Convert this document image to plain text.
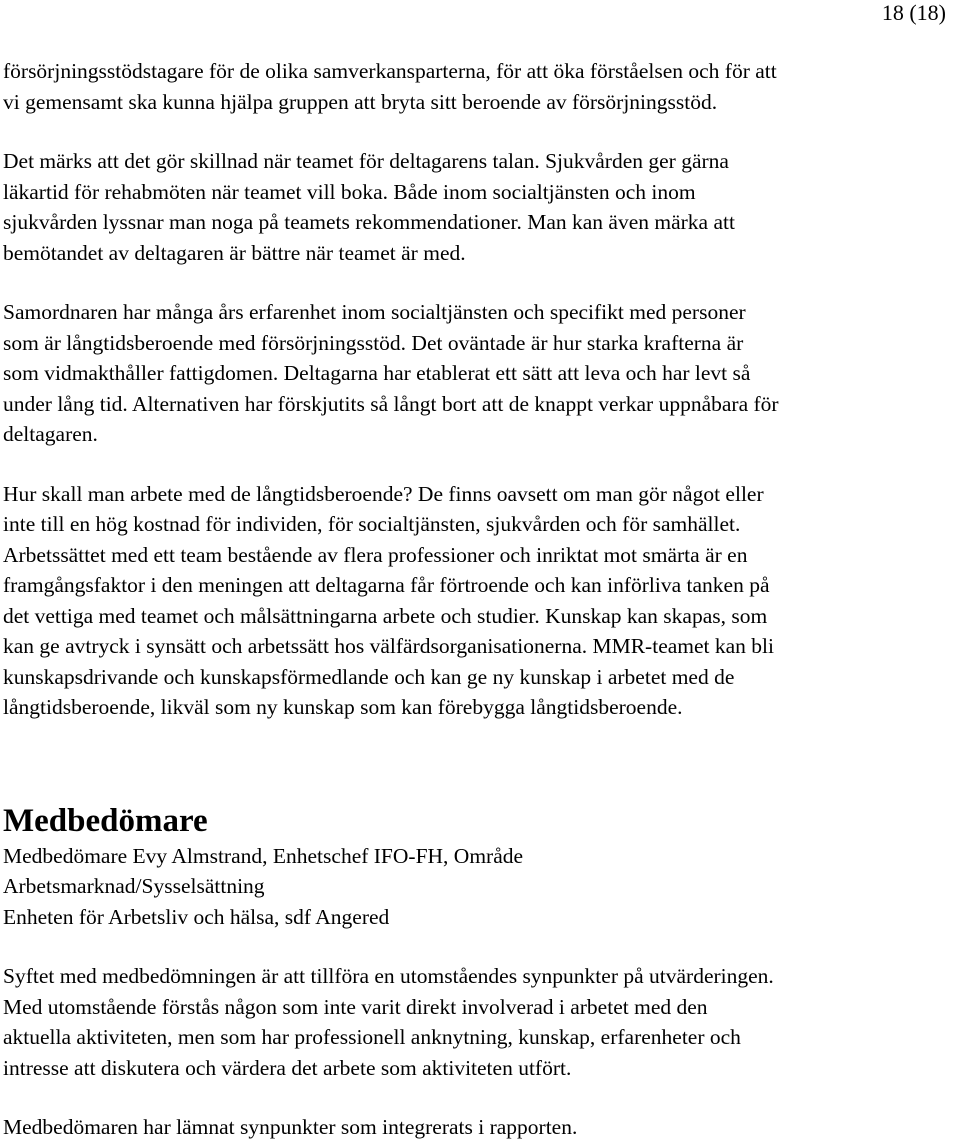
18 (18)

försörjningsstödstagare för de olika samverkansparterna, för att öka förståelsen och för att
vi gemensamt ska kunna hjälpa gruppen att bryta sitt beroende av försörjningsstöd.

Det märks att det gör skillnad när teamet för deltagarens talan. Sjukvården ger gärna
läkartid för rehabmöten när teamet vill boka. Både inom socialtjänsten och inom
sjukvården lyssnar man noga på teamets rekommendationer. Man kan även märka att
bemötandet av deltagaren är bättre när teamet är med.

Samordnaren har många års erfarenhet inom socialtjänsten och specifikt med personer
som är långtidsberoende med försörjningsstöd. Det oväntade är hur starka krafterna är
som vidmakthåller fattigdomen. Deltagarna har etablerat ett sätt att leva och har levt så
under lång tid. Alternativen har förskjutits så långt bort att de knappt verkar uppnåbara för
deltagaren.

Hur skall man arbete med de långtidsberoende? De finns oavsett om man gör något eller
inte till en hög kostnad för individen, för socialtjänsten, sjukvården och för samhället.
Arbetssättet med ett team bestående av flera professioner och inriktat mot smärta är en
framgångsfaktor i den meningen att deltagarna får förtroende och kan införliva tanken på
det vettiga med teamet och målsättningarna arbete och studier. Kunskap kan skapas, som
kan ge avtryck i synsätt och arbetssätt hos välfärdsorganisationerna. MMR-teamet kan bli
kunskapsdrivande och kunskapsförmedlande och kan ge ny kunskap i arbetet med de
långtidsberoende, likväl som ny kunskap som kan förebygga långtidsberoende.

Medbedömare

Medbedömare Evy Almstrand, Enhetschef IFO-FH, Område
Arbetsmarknad/Sysselsättning
Enheten för Arbetsliv och hälsa, sdf Angered

Syftet med medbedömningen är att tillföra en utomståendes synpunkter på utvärderingen.
Med utomstående förstås någon som inte varit direkt involverad i arbetet med den
aktuella aktiviteten, men som har professionell anknytning, kunskap, erfarenheter och
intresse att diskutera och värdera det arbete som aktiviteten utfört.

Medbedömaren har lämnat synpunkter som integrerats i rapporten.
